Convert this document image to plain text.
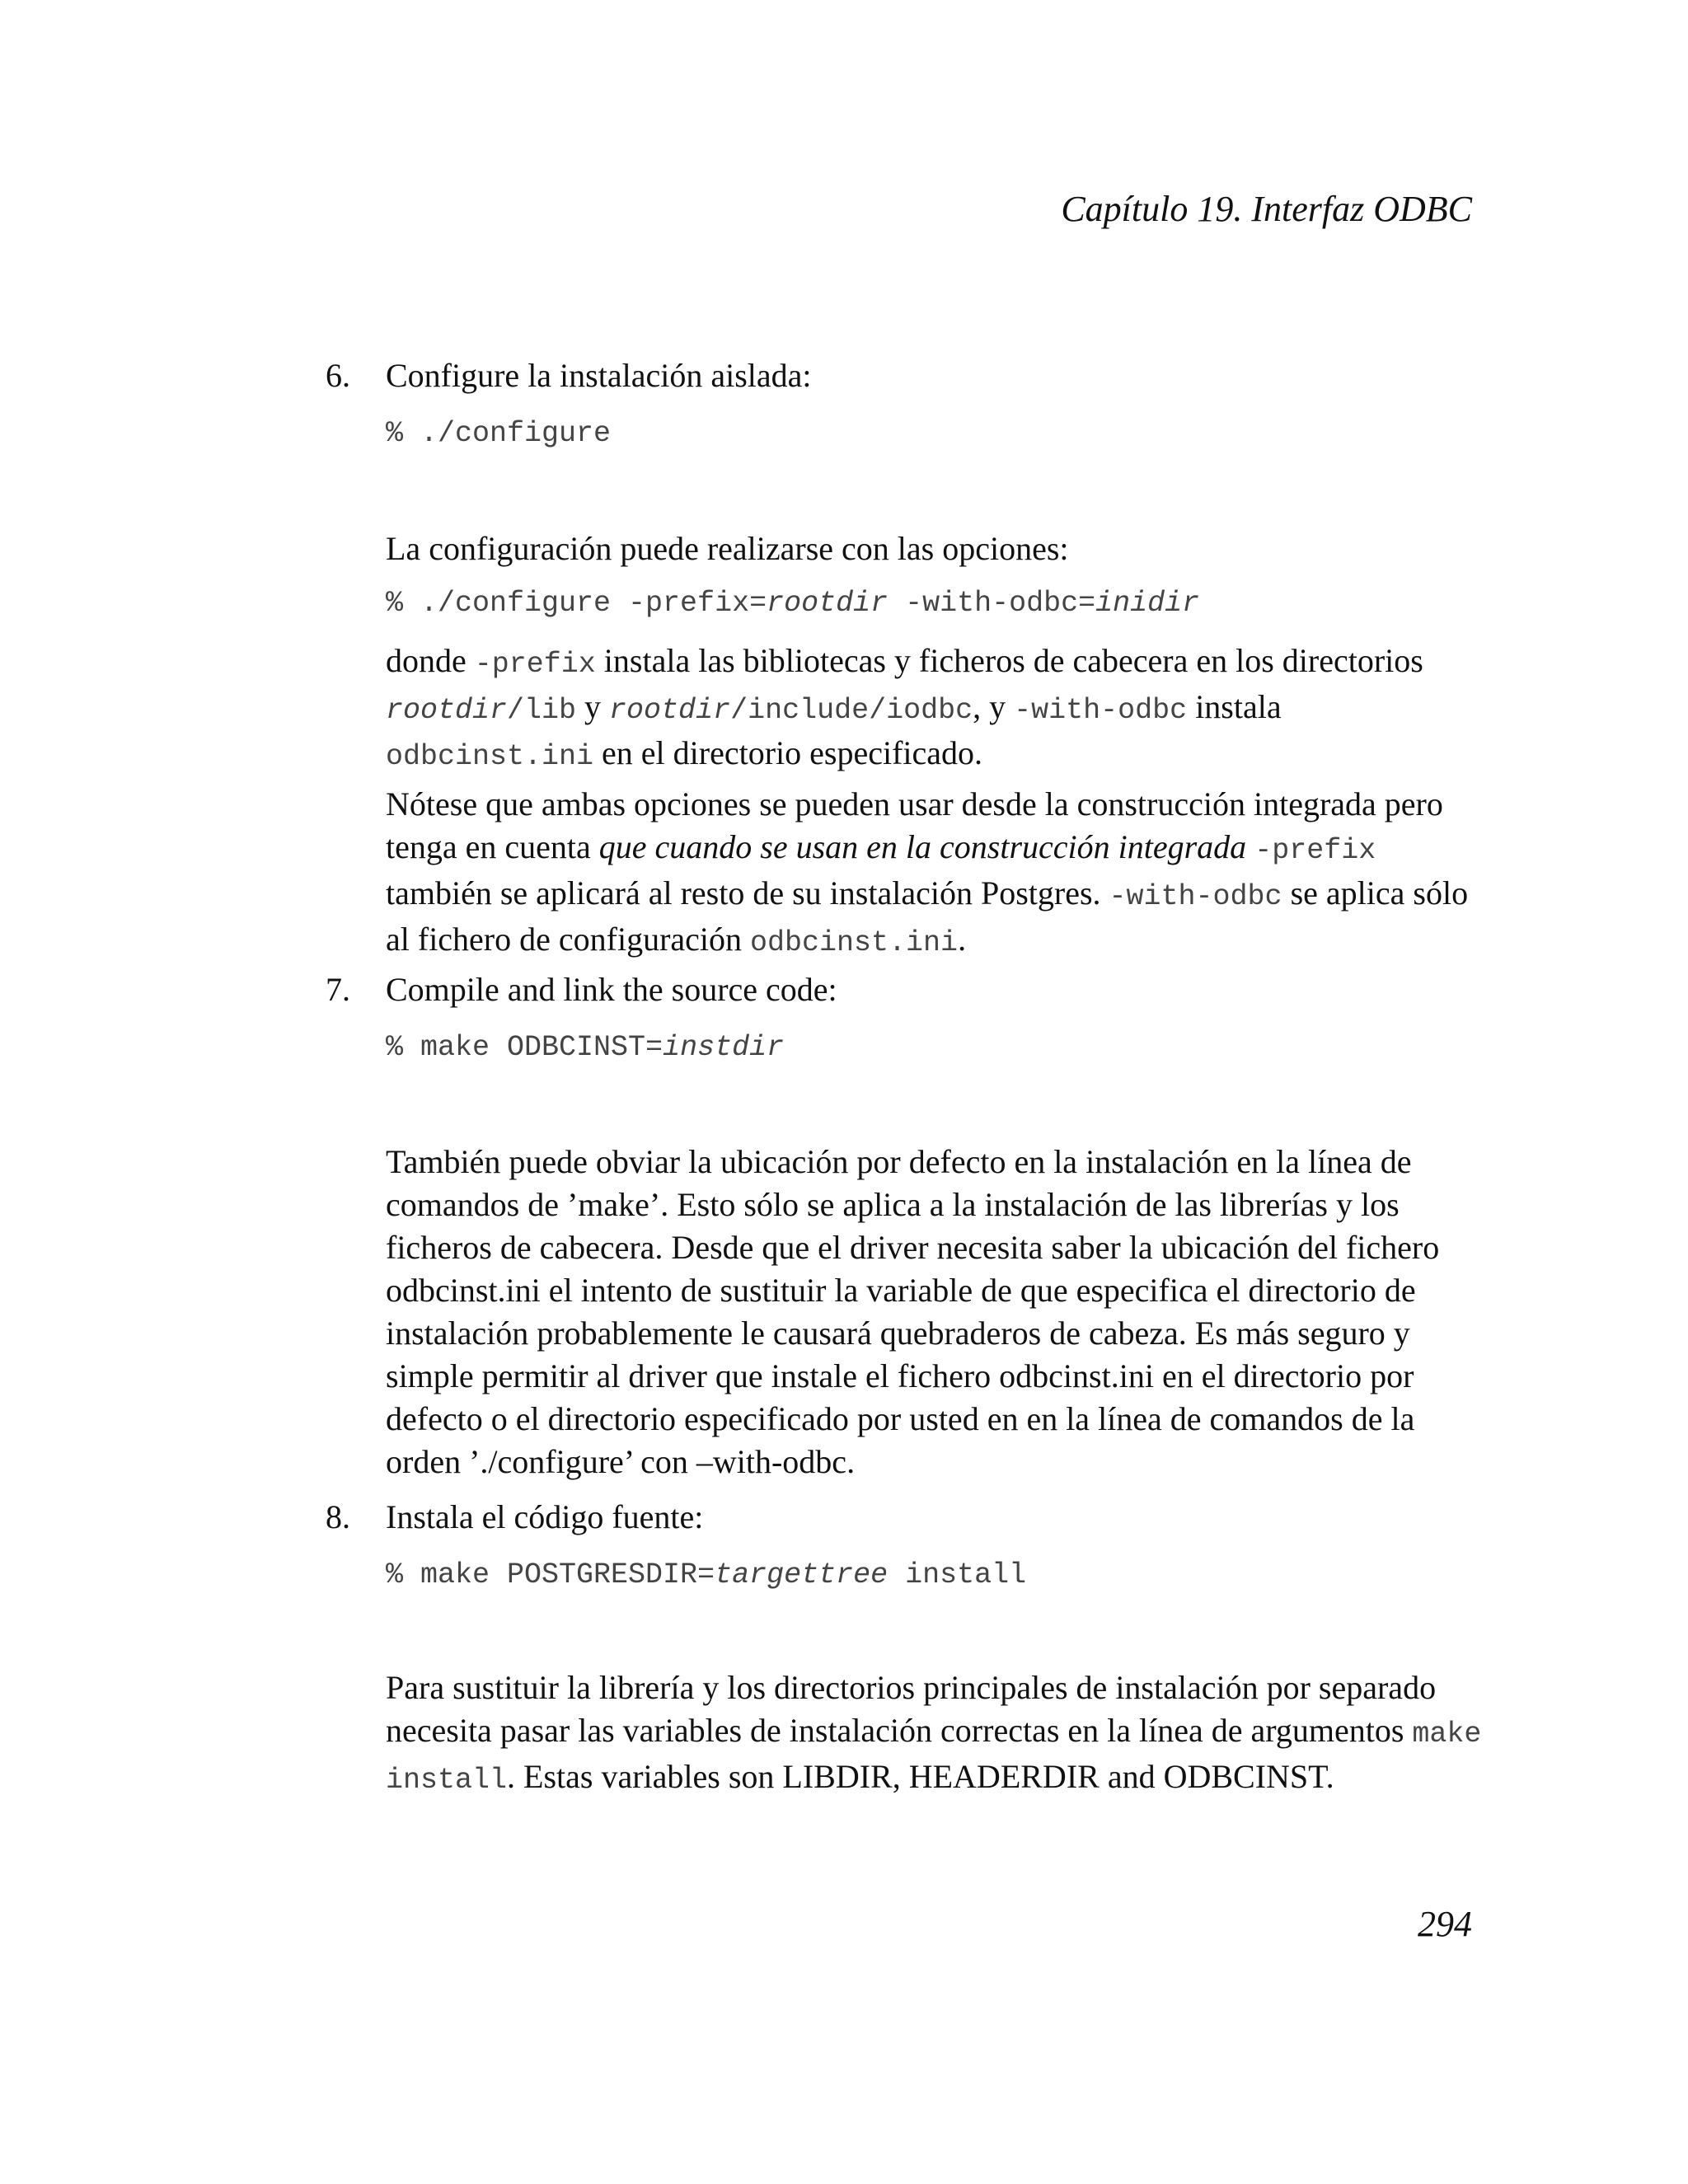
Capítulo 19. Interfaz ODBC
6. Configure la instalación aislada:

% ./configure

La configuración puede realizarse con las opciones:

% ./configure -prefix=rootdir -with-odbc=inidir

donde -prefix instala las bibliotecas y ficheros de cabecera en los directorios rootdir/lib y rootdir/include/iodbc, y -with-odbc instala odbcinst.ini en el directorio especificado.

Nótese que ambas opciones se pueden usar desde la construcción integrada pero tenga en cuenta que cuando se usan en la construcción integrada -prefix también se aplicará al resto de su instalación Postgres. -with-odbc se aplica sólo al fichero de configuración odbcinst.ini.

7. Compile and link the source code:

% make ODBCINST=instdir

También puede obviar la ubicación por defecto en la instalación en la línea de comandos de ’make’. Esto sólo se aplica a la instalación de las librerías y los ficheros de cabecera. Desde que el driver necesita saber la ubicación del fichero odbcinst.ini el intento de sustituir la variable de que especifica el directorio de instalación probablemente le causará quebraderos de cabeza. Es más seguro y simple permitir al driver que instale el fichero odbcinst.ini en el directorio por defecto o el directorio especificado por usted en en la línea de comandos de la orden ’./configure’ con –with-odbc.

8. Instala el código fuente:

% make POSTGRESDIR=targettree install

Para sustituir la librería y los directorios principales de instalación por separado necesita pasar las variables de instalación correctas en la línea de argumentos make install. Estas variables son LIBDIR, HEADERDIR and ODBCINST.

294
